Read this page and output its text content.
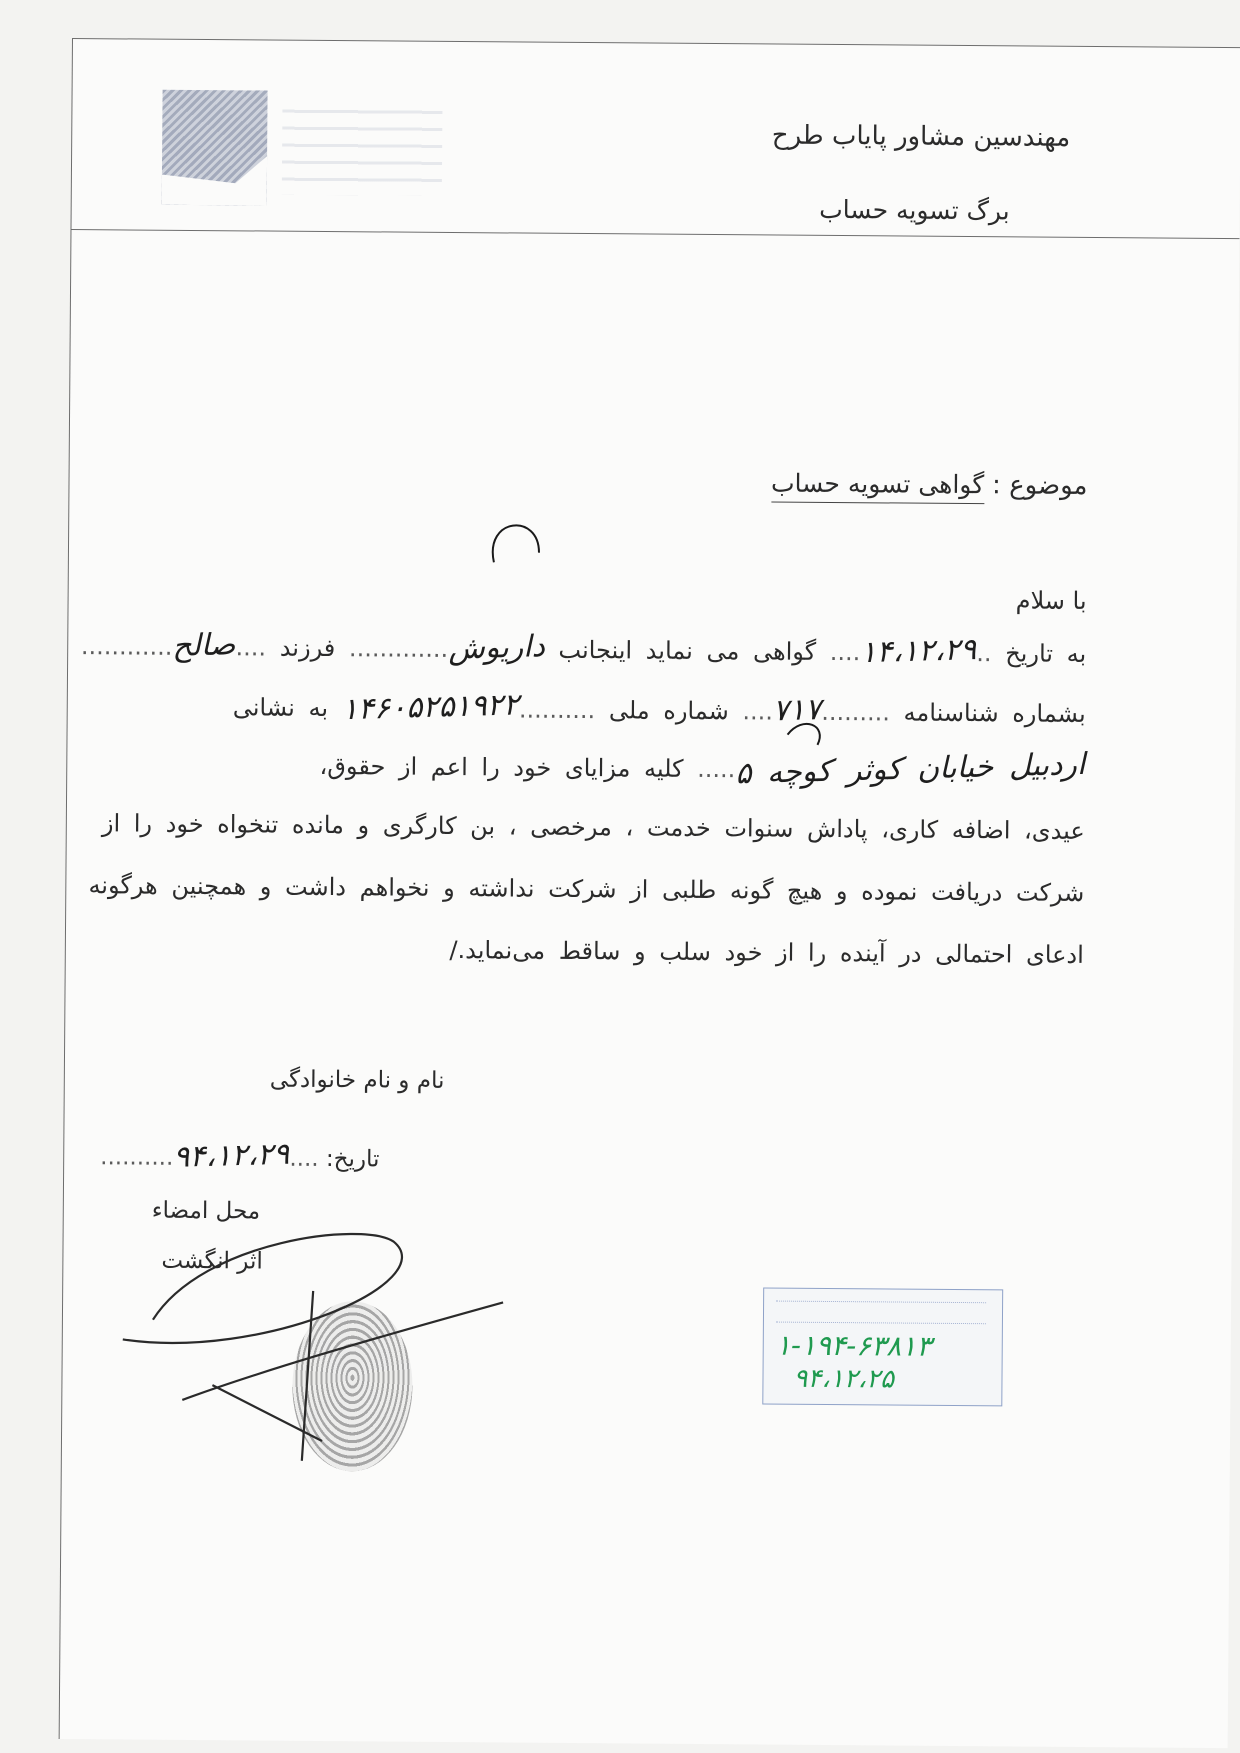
مهندسین مشاور پایاب طرح
برگ تسویه حساب
موضوع : گواهی تسویه حساب
با سلام
به تاریخ ..۱۴،۱۲،۲۹.... گواهی می نماید اینجانب داریوش............. فرزند ....صالح............
بشماره شناسنامه .........۷۱۷.... شماره ملی ..........۱۴۶۰۵۲۵۱۹۲۲ به نشانی
اردبیل خیابان کوثر کوچه ۵..... کلیه مزایای خود را اعم از حقوق،
عیدی، اضافه کاری، پاداش سنوات خدمت ، مرخصی ، بن کارگری و مانده تنخواه خود را از
شرکت دریافت نموده و هیچ گونه طلبی از شرکت نداشته و نخواهم داشت و همچنین هرگونه
ادعای احتمالی در آینده را از خود سلب و ساقط می‌نماید./
نام و نام خانوادگی
تاریخ: ....۹۴،۱۲،۲۹..........
محل امضاء
اثر انگشت
۱-۱۹۴-۶۳۸۱۳
۹۴،۱۲،۲۵
